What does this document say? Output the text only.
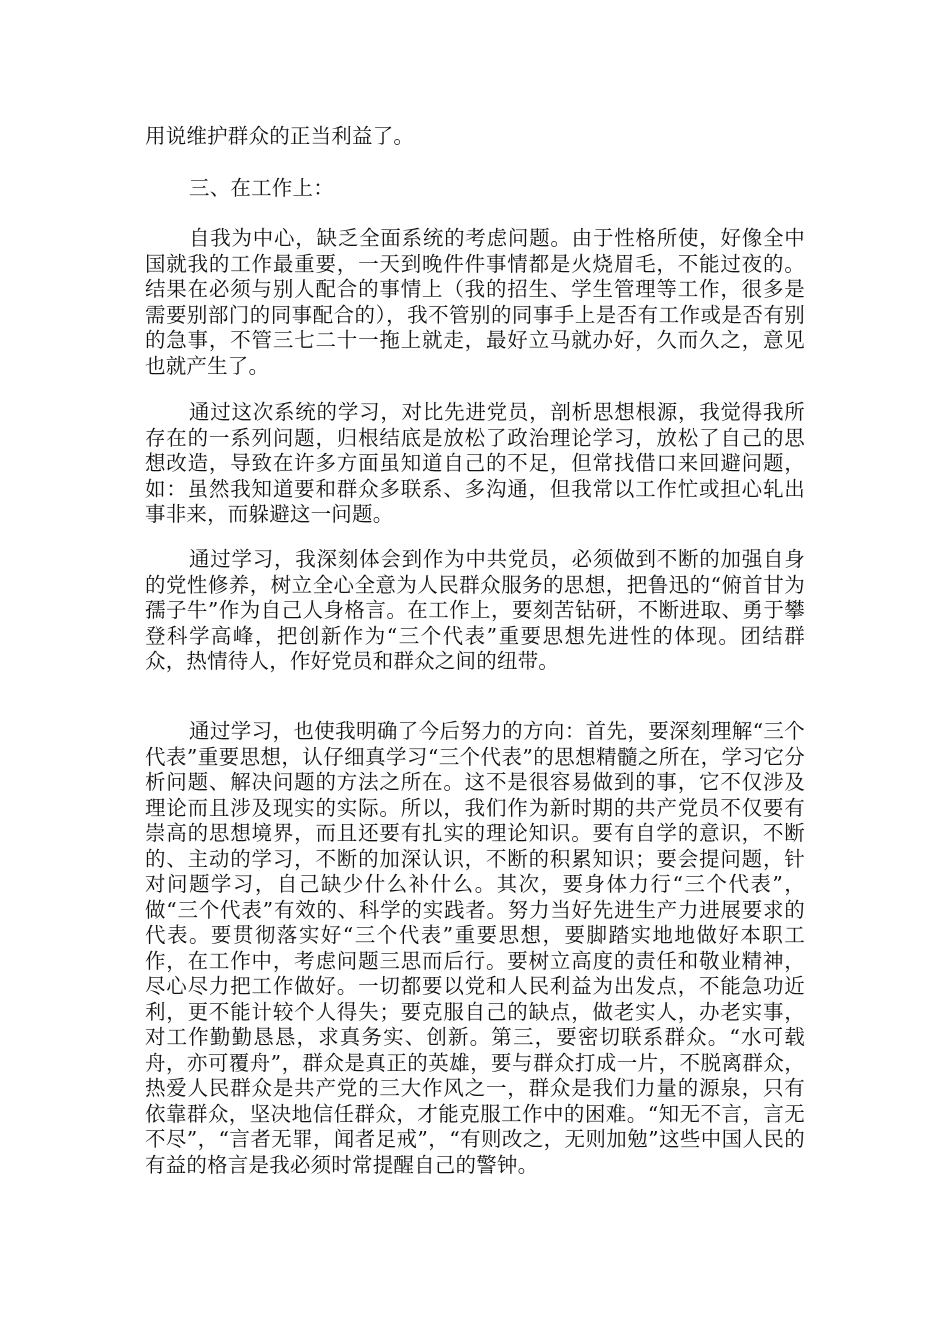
用说维护群众的正当利益了。

三、在工作上：

自我为中心，缺乏全面系统的考虑问题。由于性格所使，好像全中国就我的工作最重要，一天到晚件件事情都是火烧眉毛，不能过夜的。结果在必须与别人配合的事情上（我的招生、学生管理等工作，很多是需要别部门的同事配合的），我不管别的同事手上是否有工作或是否有别的急事，不管三七二十一拖上就走，最好立马就办好，久而久之，意见也就产生了。

通过这次系统的学习，对比先进党员，剖析思想根源，我觉得我所存在的一系列问题，归根结底是放松了政治理论学习，放松了自己的思想改造，导致在许多方面虽知道自己的不足，但常找借口来回避问题，如：虽然我知道要和群众多联系、多沟通，但我常以工作忙或担心轧出事非来，而躲避这一问题。

通过学习，我深刻体会到作为中共党员，必须做到不断的加强自身的党性修养，树立全心全意为人民群众服务的思想，把鲁迅的“俯首甘为孺子牛”作为自己人身格言。在工作上，要刻苦钻研，不断进取、勇于攀登科学高峰，把创新作为“三个代表”重要思想先进性的体现。团结群众，热情待人，作好党员和群众之间的纽带。

通过学习，也使我明确了今后努力的方向：首先，要深刻理解“三个代表”重要思想，认仔细真学习“三个代表”的思想精髓之所在，学习它分析问题、解决问题的方法之所在。这不是很容易做到的事，它不仅涉及理论而且涉及现实的实际。所以，我们作为新时期的共产党员不仅要有崇高的思想境界，而且还要有扎实的理论知识。要有自学的意识，不断的、主动的学习，不断的加深认识，不断的积累知识；要会提问题，针对问题学习，自己缺少什么补什么。其次，要身体力行“三个代表”，做“三个代表”有效的、科学的实践者。努力当好先进生产力进展要求的代表。要贯彻落实好“三个代表”重要思想，要脚踏实地地做好本职工作，在工作中，考虑问题三思而后行。要树立高度的责任和敬业精神，尽心尽力把工作做好。一切都要以党和人民利益为出发点，不能急功近利，更不能计较个人得失；要克服自己的缺点，做老实人，办老实事，对工作勤勤恳恳，求真务实、创新。第三，要密切联系群众。“水可载舟，亦可覆舟”，群众是真正的英雄，要与群众打成一片，不脱离群众，热爱人民群众是共产党的三大作风之一，群众是我们力量的源泉，只有依靠群众，坚决地信任群众，才能克服工作中的困难。“知无不言，言无不尽”，“言者无罪，闻者足戒”，“有则改之，无则加勉”这些中国人民的有益的格言是我必须时常提醒自己的警钟。
